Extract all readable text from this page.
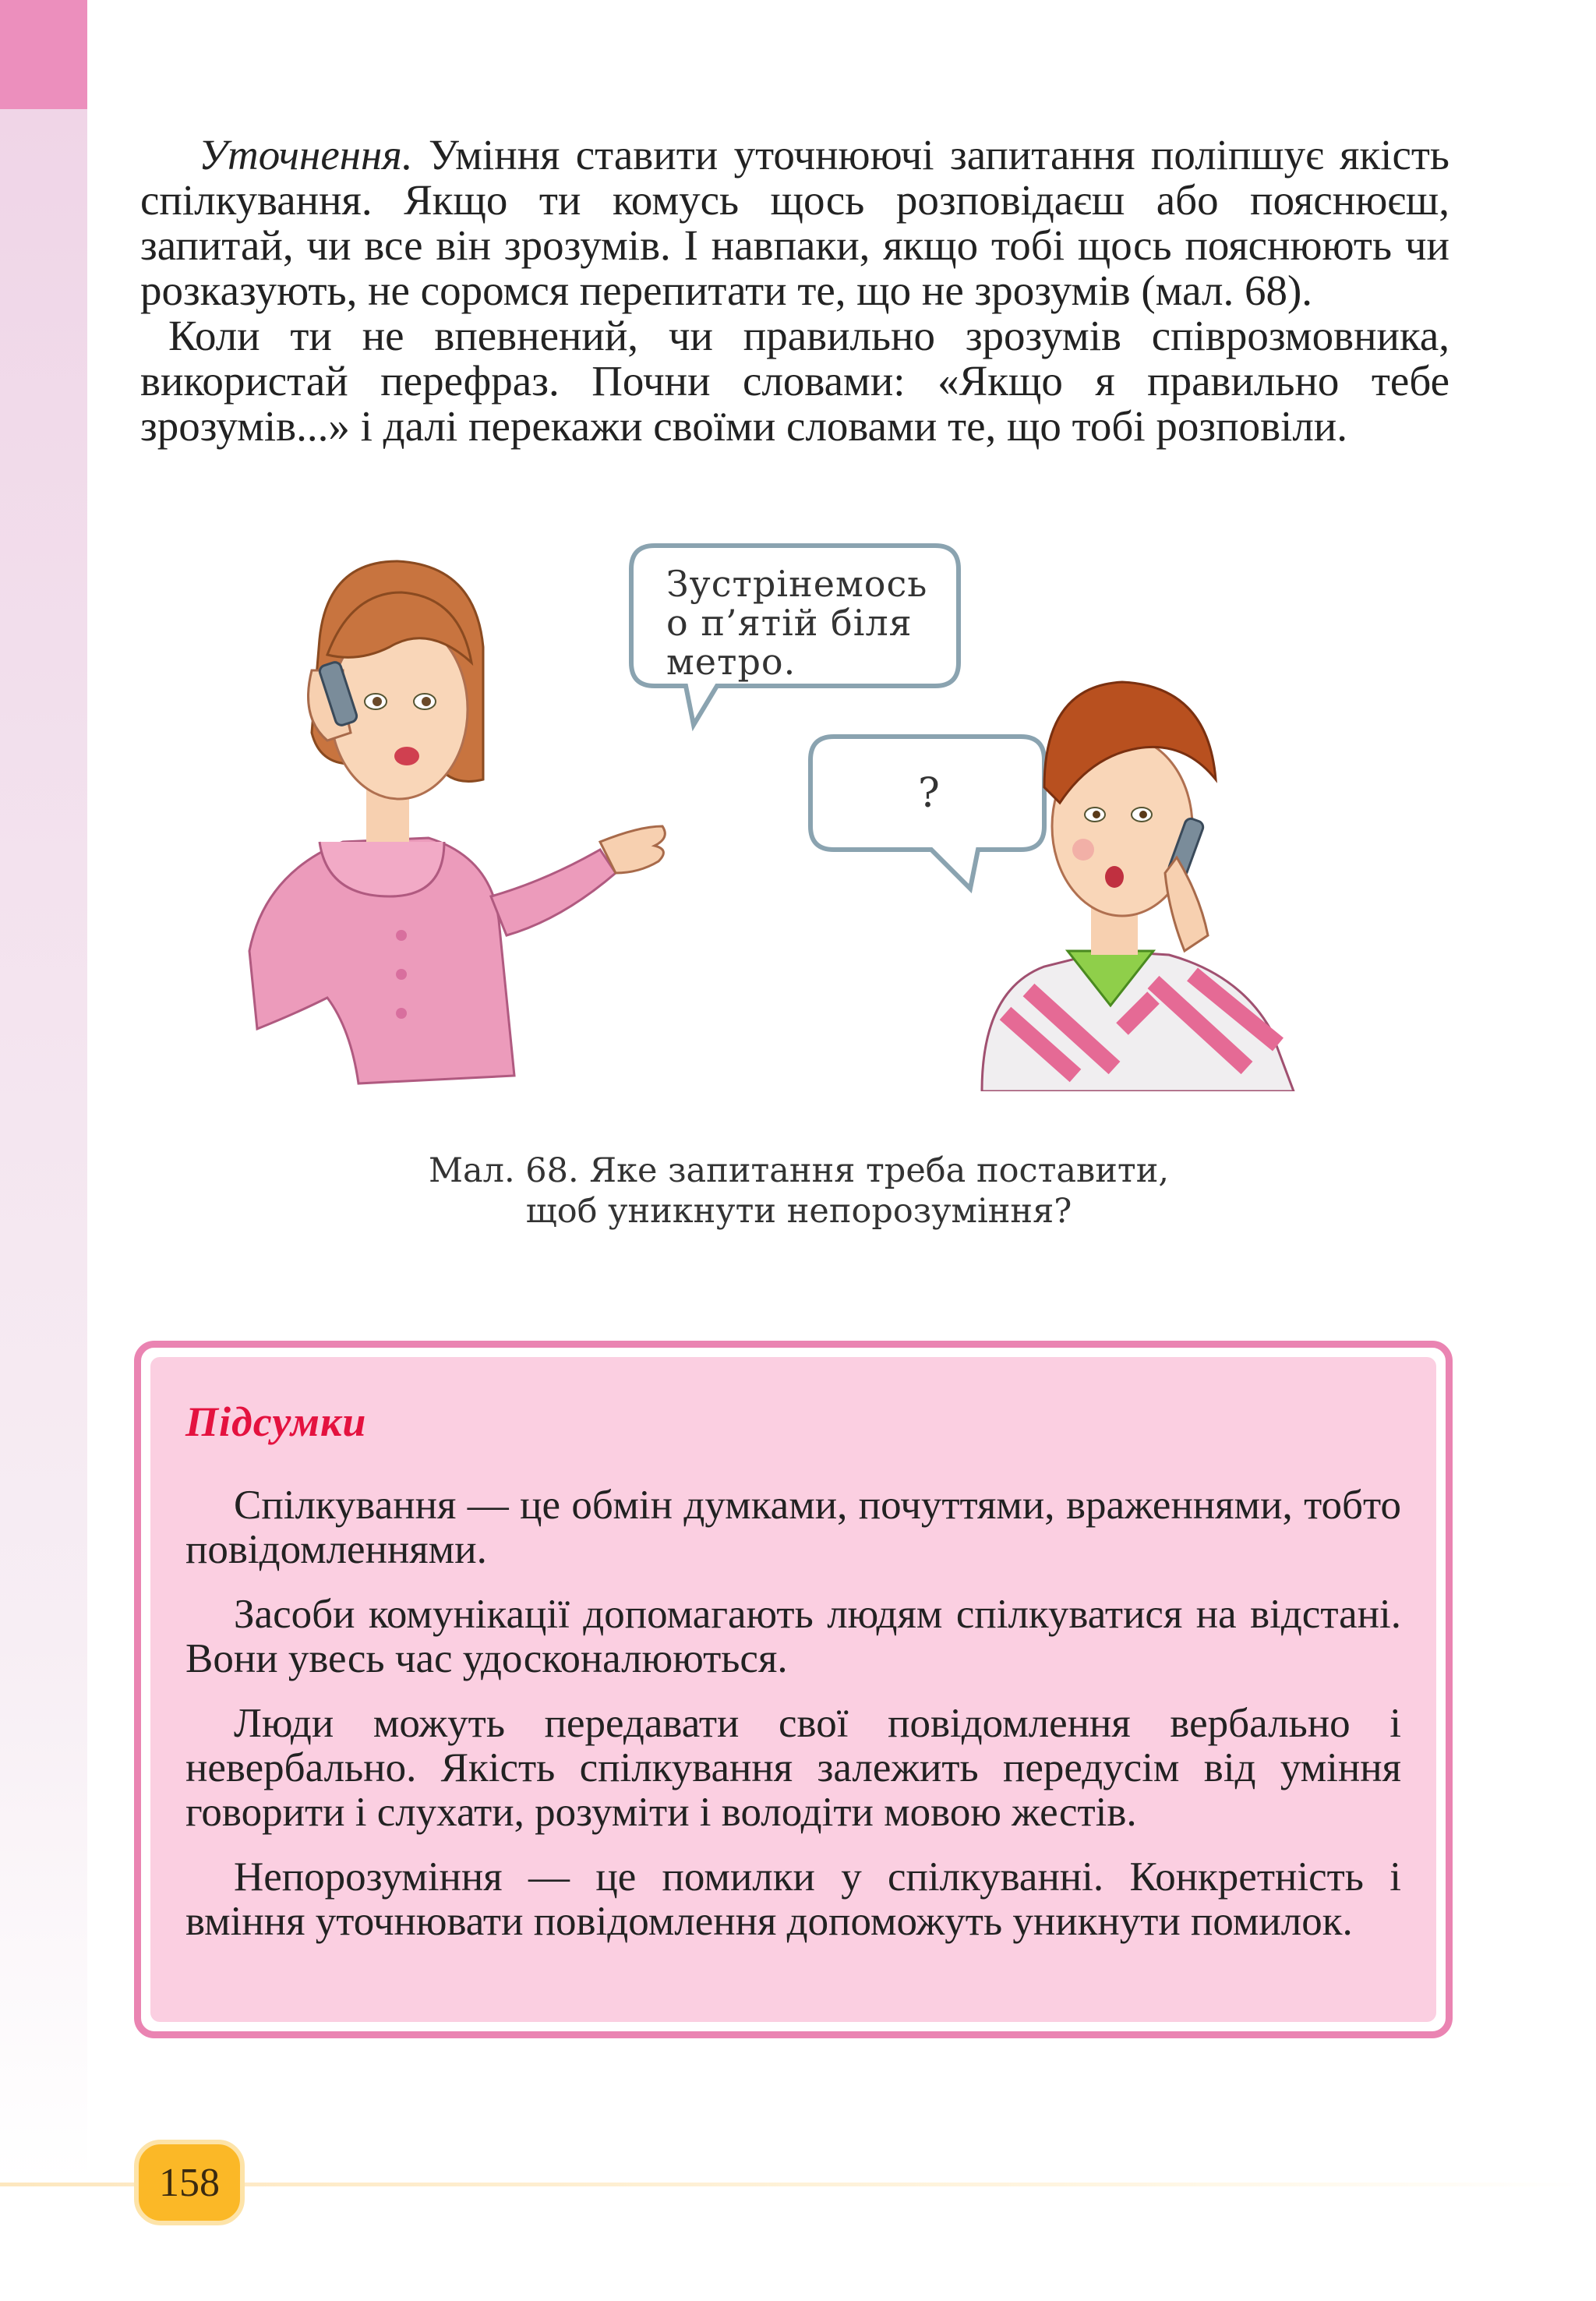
Уточнення. Уміння ставити уточнюючі запитання поліпшує якість спілкування. Якщо ти комусь щось розповідаєш або пояснюєш, запитай, чи все він зрозумів. І навпаки, якщо тобі щось пояснюють чи розказують, не соромся перепитати те, що не зрозумів (мал. 68).

Коли ти не впевнений, чи правильно зрозумів співрозмовника, використай перефраз. Почни словами: «Якщо я правильно тебе зрозумів...» і далі перекажи своїми словами те, що тобі розповіли.

Зустрінемось
о п’ятій біля
метро.
?
Мал. 68. Яке запитання треба поставити,
щоб уникнути непорозуміння?
Підсумки

Спілкування — це обмін думками, почуттями, враженнями, тобто повідомленнями.

Засоби комунікації допомагають людям спілкуватися на відстані. Вони увесь час удосконалюються.

Люди можуть передавати свої повідомлення вербально і невербально. Якість спілкування залежить передусім від уміння говорити і слухати, розуміти і володіти мовою жестів.

Непорозуміння — це помилки у спілкуванні. Конкретність і вміння уточнювати повідомлення допоможуть уникнути помилок.

158
